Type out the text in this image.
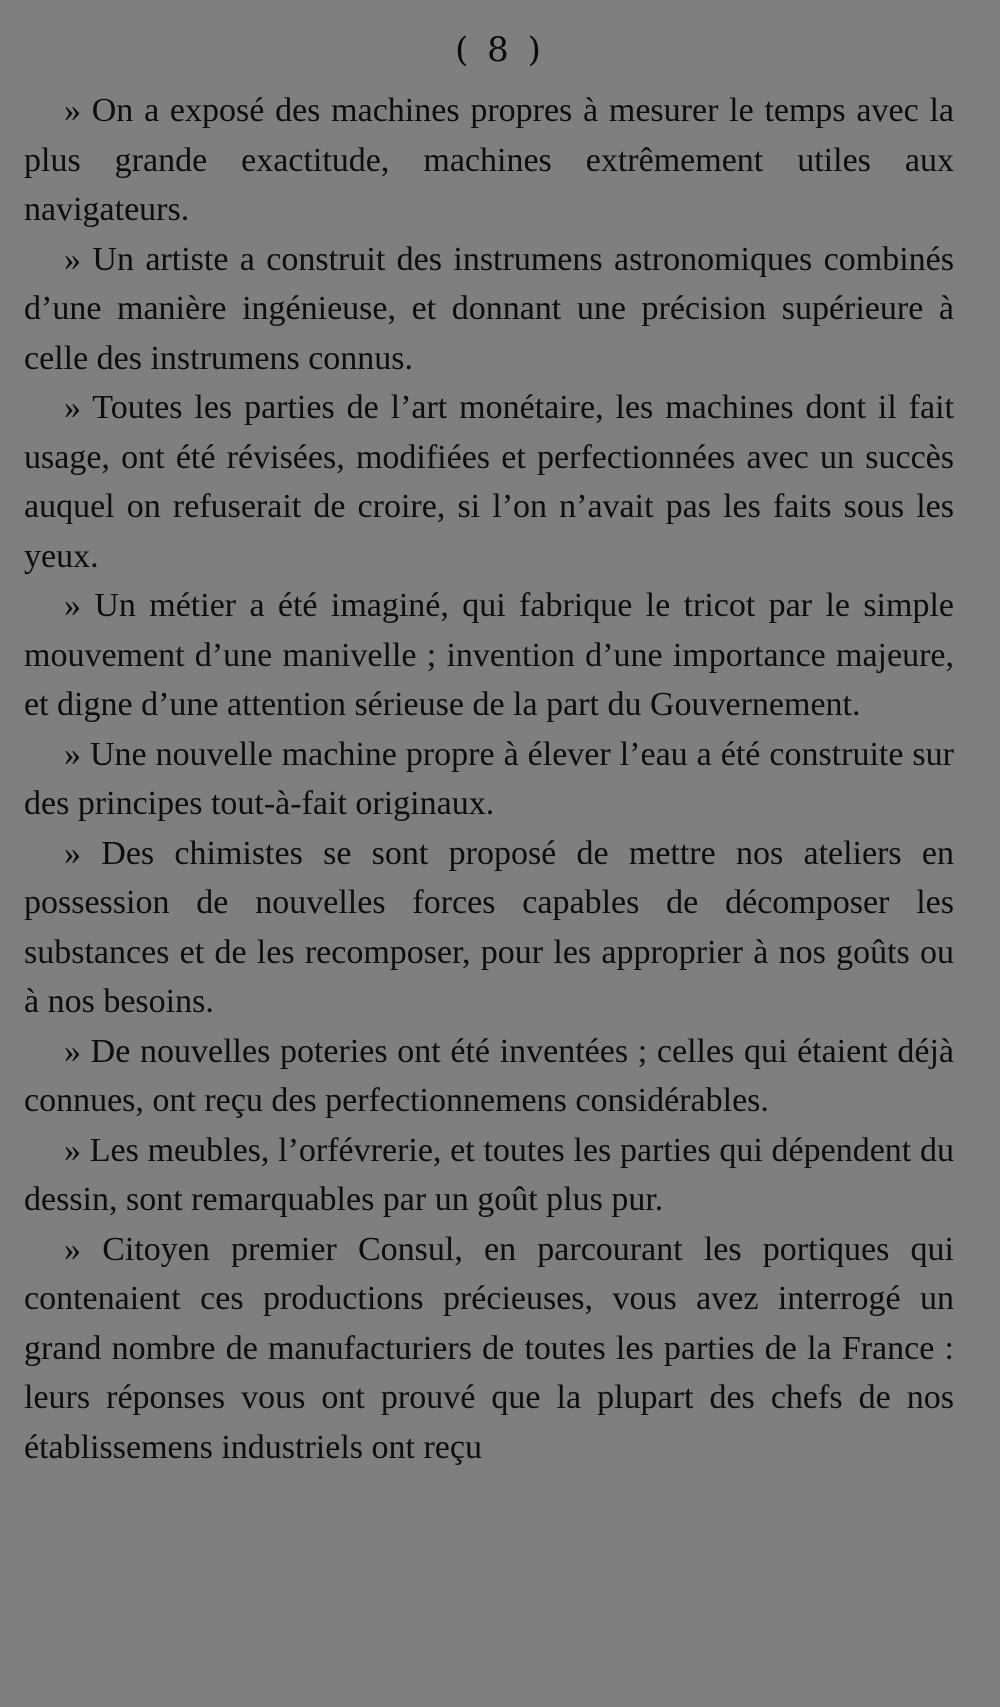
( 8 )

» On a exposé des machines propres à mesurer le temps avec la plus grande exactitude, machines extrêmement utiles aux navigateurs.

» Un artiste a construit des instrumens astronomiques combinés d’une manière ingénieuse, et donnant une précision supérieure à celle des instrumens connus.

» Toutes les parties de l’art monétaire, les machines dont il fait usage, ont été révisées, modifiées et perfectionnées avec un succès auquel on refuserait de croire, si l’on n’avait pas les faits sous les yeux.

» Un métier a été imaginé, qui fabrique le tricot par le simple mouvement d’une manivelle ; invention d’une importance majeure, et digne d’une attention sérieuse de la part du Gouvernement.

» Une nouvelle machine propre à élever l’eau a été construite sur des principes tout-à-fait originaux.

» Des chimistes se sont proposé de mettre nos ateliers en possession de nouvelles forces capables de décomposer les substances et de les recomposer, pour les approprier à nos goûts ou à nos besoins.

» De nouvelles poteries ont été inventées ; celles qui étaient déjà connues, ont reçu des perfectionnemens considérables.

» Les meubles, l’orfévrerie, et toutes les parties qui dépendent du dessin, sont remarquables par un goût plus pur.

» Citoyen premier Consul, en parcourant les portiques qui contenaient ces productions précieuses, vous avez interrogé un grand nombre de manufacturiers de toutes les parties de la France : leurs réponses vous ont prouvé que la plupart des chefs de nos établissemens industriels ont reçu
